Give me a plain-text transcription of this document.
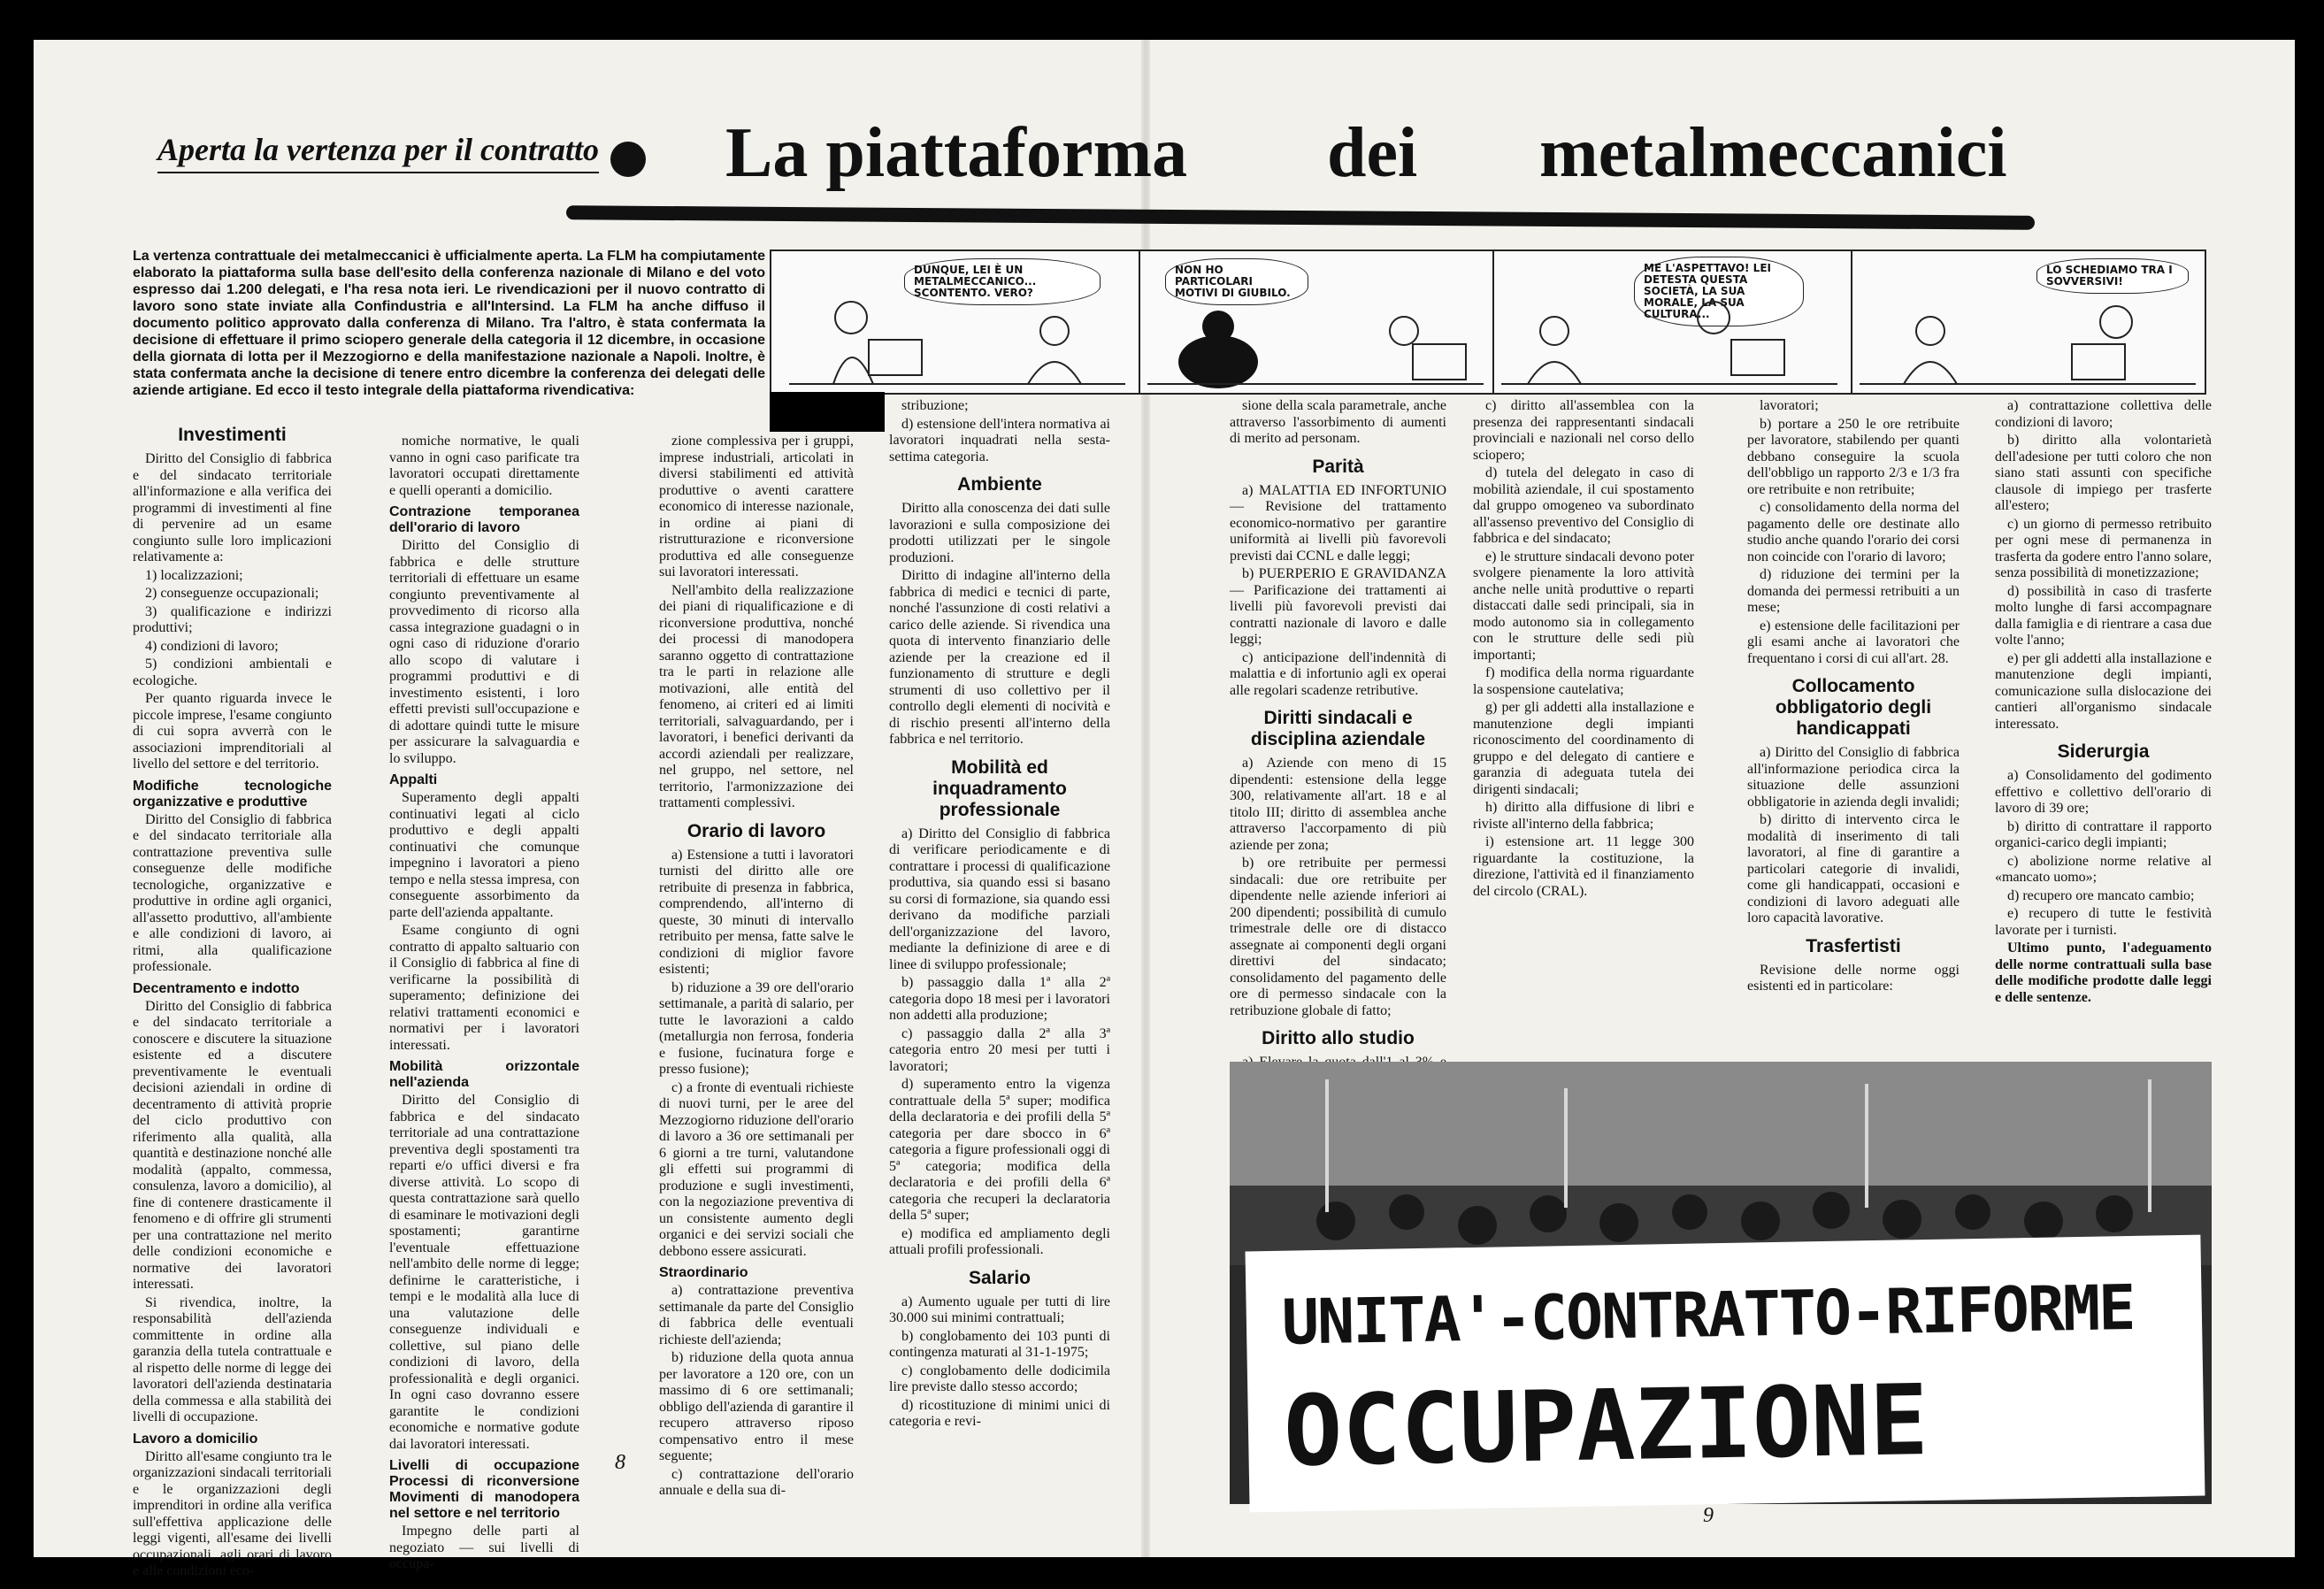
Aperta la vertenza per il contratto La piattaforma dei metalmeccanici
La vertenza contrattuale dei metalmeccanici è ufficialmente aperta. La FLM ha compiutamente elaborato la piattaforma sulla base dell'esito della conferenza nazionale di Milano e del voto espresso dai 1.200 delegati, e l'ha resa nota ieri. Le rivendicazioni per il nuovo contratto di lavoro sono state inviate alla Confindustria e all'Intersind. La FLM ha anche diffuso il documento politico approvato dalla conferenza di Milano. Tra l'altro, è stata confermata la decisione di effettuare il primo sciopero generale della categoria il 12 dicembre, in occasione della giornata di lotta per il Mezzogiorno e della manifestazione nazionale a Napoli. Inoltre, è stata confermata anche la decisione di tenere entro dicembre la conferenza dei delegati delle aziende artigiane. Ed ecco il testo integrale della piattaforma rivendicativa:
DUNQUE, LEI È UN METALMECCANICO... SCONTENTO. VERO?
NON HO PARTICOLARI MOTIVI DI GIUBILO.
ME L'ASPETTAVO! LEI DETESTA QUESTA SOCIETÀ, LA SUA MORALE, LA SUA CULTURA...
LO SCHEDIAMO TRA I SOVVERSIVI!
Investimenti

Diritto del Consiglio di fabbrica e del sindacato territoriale all'informazione e alla verifica dei programmi di investimenti al fine di pervenire ad un esame congiunto sulle loro implicazioni relativamente a:

1) localizzazioni;

2) conseguenze occupazionali;

3) qualificazione e indirizzi produttivi;

4) condizioni di lavoro;

5) condizioni ambientali e ecologiche.

Per quanto riguarda invece le piccole imprese, l'esame congiunto di cui sopra avverrà con le associazioni imprenditoriali al livello del settore e del territorio.

Modifiche tecnologiche organizzative e produttive

Diritto del Consiglio di fabbrica e del sindacato territoriale alla contrattazione preventiva sulle conseguenze delle modifiche tecnologiche, organizzative e produttive in ordine agli organici, all'assetto produttivo, all'ambiente e alle condizioni di lavoro, ai ritmi, alla qualificazione professionale.

Decentramento e indotto

Diritto del Consiglio di fabbrica e del sindacato territoriale a conoscere e discutere la situazione esistente ed a discutere preventivamente le eventuali decisioni aziendali in ordine di decentramento di attività proprie del ciclo produttivo con riferimento alla qualità, alla quantità e destinazione nonché alle modalità (appalto, commessa, consulenza, lavoro a domicilio), al fine di contenere drasticamente il fenomeno e di offrire gli strumenti per una contrattazione nel merito delle condizioni economiche e normative dei lavoratori interessati.

Si rivendica, inoltre, la responsabilità dell'azienda committente in ordine alla garanzia della tutela contrattuale e al rispetto delle norme di legge dei lavoratori dell'azienda destinataria della commessa e alla stabilità dei livelli di occupazione.

Lavoro a domicilio

Diritto all'esame congiunto tra le organizzazioni sindacali territoriali e le organizzazioni degli imprenditori in ordine alla verifica sull'effettiva applicazione delle leggi vigenti, all'esame dei livelli occupazionali, agli orari di lavoro e alle condizioni eco-

nomiche normative, le quali vanno in ogni caso parificate tra lavoratori occupati direttamente e quelli operanti a domicilio.

Contrazione temporanea dell'orario di lavoro

Diritto del Consiglio di fabbrica e delle strutture territoriali di effettuare un esame congiunto preventivamente al provvedimento di ricorso alla cassa integrazione guadagni o in ogni caso di riduzione d'orario allo scopo di valutare i programmi produttivi e di investimento esistenti, i loro effetti previsti sull'occupazione e di adottare quindi tutte le misure per assicurare la salvaguardia e lo sviluppo.

Appalti

Superamento degli appalti continuativi legati al ciclo produttivo e degli appalti continuativi che comunque impegnino i lavoratori a pieno tempo e nella stessa impresa, con conseguente assorbimento da parte dell'azienda appaltante.

Esame congiunto di ogni contratto di appalto saltuario con il Consiglio di fabbrica al fine di verificarne la possibilità di superamento; definizione dei relativi trattamenti economici e normativi per i lavoratori interessati.

Mobilità orizzontale nell'azienda

Diritto del Consiglio di fabbrica e del sindacato territoriale ad una contrattazione preventiva degli spostamenti tra reparti e/o uffici diversi e fra diverse attività. Lo scopo di questa contrattazione sarà quello di esaminare le motivazioni degli spostamenti; garantirne l'eventuale effettuazione nell'ambito delle norme di legge; definirne le caratteristiche, i tempi e le modalità alla luce di una valutazione delle conseguenze individuali e collettive, sul piano delle condizioni di lavoro, della professionalità e degli organici. In ogni caso dovranno essere garantite le condizioni economiche e normative godute dai lavoratori interessati.

Livelli di occupazione Processi di riconversione Movimenti di manodopera nel settore e nel territorio

Impegno delle parti al negoziato — sui livelli di occupa-

zione complessiva per i gruppi, imprese industriali, articolati in diversi stabilimenti ed attività produttive o aventi carattere economico di interesse nazionale, in ordine ai piani di ristrutturazione e riconversione produttiva ed alle conseguenze sui lavoratori interessati.

Nell'ambito della realizzazione dei piani di riqualificazione e di riconversione produttiva, nonché dei processi di manodopera saranno oggetto di contrattazione tra le parti in relazione alle motivazioni, alle entità del fenomeno, ai criteri ed ai limiti territoriali, salvaguardando, per i lavoratori, i benefici derivanti da accordi aziendali per realizzare, nel gruppo, nel settore, nel territorio, l'armonizzazione dei trattamenti complessivi.

Orario di lavoro

a) Estensione a tutti i lavoratori turnisti del diritto alle ore retribuite di presenza in fabbrica, comprendendo, all'interno di queste, 30 minuti di intervallo retribuito per mensa, fatte salve le condizioni di miglior favore esistenti;

b) riduzione a 39 ore dell'orario settimanale, a parità di salario, per tutte le lavorazioni a caldo (metallurgia non ferrosa, fonderia e fusione, fucinatura forge e presso fusione);

c) a fronte di eventuali richieste di nuovi turni, per le aree del Mezzogiorno riduzione dell'orario di lavoro a 36 ore settimanali per 6 giorni a tre turni, valutandone gli effetti sui programmi di produzione e sugli investimenti, con la negoziazione preventiva di un consistente aumento degli organici e dei servizi sociali che debbono essere assicurati.

Straordinario

a) contrattazione preventiva settimanale da parte del Consiglio di fabbrica delle eventuali richieste dell'azienda;

b) riduzione della quota annua per lavoratore a 120 ore, con un massimo di 6 ore settimanali; obbligo dell'azienda di garantire il recupero attraverso riposo compensativo entro il mese seguente;

c) contrattazione dell'orario annuale e della sua di-

stribuzione;

d) estensione dell'intera normativa ai lavoratori inquadrati nella sesta-settima categoria.

Ambiente

Diritto alla conoscenza dei dati sulle lavorazioni e sulla composizione dei prodotti utilizzati per le singole produzioni.

Diritto di indagine all'interno della fabbrica di medici e tecnici di parte, nonché l'assunzione di costi relativi a carico delle aziende. Si rivendica una quota di intervento finanziario delle aziende per la creazione ed il funzionamento di strutture e degli strumenti di uso collettivo per il controllo degli elementi di nocività e di rischio presenti all'interno della fabbrica e nel territorio.

Mobilità ed inquadramento professionale

a) Diritto del Consiglio di fabbrica di verificare periodicamente e di contrattare i processi di qualificazione produttiva, sia quando essi si basano su corsi di formazione, sia quando essi derivano da modifiche parziali dell'organizzazione del lavoro, mediante la definizione di aree e di linee di sviluppo professionale;

b) passaggio dalla 1ª alla 2ª categoria dopo 18 mesi per i lavoratori non addetti alla produzione;

c) passaggio dalla 2ª alla 3ª categoria entro 20 mesi per tutti i lavoratori;

d) superamento entro la vigenza contrattuale della 5ª super; modifica della declaratoria e dei profili della 5ª categoria per dare sbocco in 6ª categoria a figure professionali oggi di 5ª categoria; modifica della declaratoria e dei profili della 6ª categoria che recuperi la declaratoria della 5ª super;

e) modifica ed ampliamento degli attuali profili professionali.

Salario

a) Aumento uguale per tutti di lire 30.000 sui minimi contrattuali;

b) conglobamento dei 103 punti di contingenza maturati al 31-1-1975;

c) conglobamento delle dodicimila lire previste dallo stesso accordo;

d) ricostituzione di minimi unici di categoria e revi-

sione della scala parametrale, anche attraverso l'assorbimento di aumenti di merito ad personam.

Parità

a) MALATTIA ED INFORTUNIO — Revisione del trattamento economico-normativo per garantire uniformità ai livelli più favorevoli previsti dai CCNL e dalle leggi;

b) PUERPERIO E GRAVIDANZA — Parificazione dei trattamenti ai livelli più favorevoli previsti dai contratti nazionale di lavoro e dalle leggi;

c) anticipazione dell'indennità di malattia e di infortunio agli ex operai alle regolari scadenze retributive.

Diritti sindacali e disciplina aziendale

a) Aziende con meno di 15 dipendenti: estensione della legge 300, relativamente all'art. 18 e al titolo III; diritto di assemblea anche attraverso l'accorpamento di più aziende per zona;

b) ore retribuite per permessi sindacali: due ore retribuite per dipendente nelle aziende inferiori ai 200 dipendenti; possibilità di cumulo trimestrale delle ore di distacco assegnate ai componenti degli organi direttivi del sindacato; consolidamento del pagamento delle ore di permesso sindacale con la retribuzione globale di fatto;

Diritto allo studio

c) diritto all'assemblea con la presenza dei rappresentanti sindacali provinciali e nazionali nel corso dello sciopero;

d) tutela del delegato in caso di mobilità aziendale, il cui spostamento dal gruppo omogeneo va subordinato all'assenso preventivo del Consiglio di fabbrica e del sindacato;

e) le strutture sindacali devono poter svolgere pienamente la loro attività anche nelle unità produttive o reparti distaccati dalle sedi principali, sia in modo autonomo sia in collegamento con le strutture delle sedi più importanti;

f) modifica della norma riguardante la sospensione cautelativa;

g) per gli addetti alla installazione e manutenzione degli impianti riconoscimento del coordinamento di gruppo e del delegato di cantiere e garanzia di adeguata tutela dei dirigenti sindacali;

h) diritto alla diffusione di libri e riviste all'interno della fabbrica;

i) estensione art. 11 legge 300 riguardante la costituzione, la direzione, l'attività ed il finanziamento del circolo (CRAL).

lavoratori;

b) portare a 250 le ore retribuite per lavoratore, stabilendo per quanti debbano conseguire la scuola dell'obbligo un rapporto 2/3 e 1/3 fra ore retribuite e non retribuite;

c) consolidamento della norma del pagamento delle ore destinate allo studio anche quando l'orario dei corsi non coincide con l'orario di lavoro;

d) riduzione dei termini per la domanda dei permessi retribuiti a un mese;

e) estensione delle facilitazioni per gli esami anche ai lavoratori che frequentano i corsi di cui all'art. 28.

Collocamento obbligatorio degli handicappati

a) Diritto del Consiglio di fabbrica all'informazione periodica circa la situazione delle assunzioni obbligatorie in azienda degli invalidi;

b) diritto di intervento circa le modalità di inserimento di tali lavoratori, al fine di garantire a particolari categorie di invalidi, come gli handicappati, occasioni e condizioni di lavoro adeguati alle loro capacità lavorative.

Trasfertisti

Revisione delle norme oggi esistenti ed in particolare:

a) contrattazione collettiva delle condizioni di lavoro;

b) diritto alla volontarietà dell'adesione per tutti coloro che non siano stati assunti con specifiche clausole di impiego per trasferte all'estero;

c) un giorno di permesso retribuito per ogni mese di permanenza in trasferta da godere entro l'anno solare, senza possibilità di monetizzazione;

d) possibilità in caso di trasferte molto lunghe di farsi accompagnare dalla famiglia e di rientrare a casa due volte l'anno;

e) per gli addetti alla installazione e manutenzione degli impianti, comunicazione sulla dislocazione dei cantieri all'organismo sindacale interessato.

Siderurgia

a) Consolidamento del godimento effettivo e collettivo dell'orario di lavoro di 39 ore;

b) diritto di contrattare il rapporto organici-carico degli impianti;

c) abolizione norme relative al «mancato uomo»;

d) recupero ore mancato cambio;

e) recupero di tutte le festività lavorate per i turnisti.

Ultimo punto, l'adeguamento delle norme contrattuali sulla base delle modifiche prodotte dalle leggi e delle sentenze.

UNITA'-CONTRATTO-RIFORME
OCCUPAZIONE
8
9
